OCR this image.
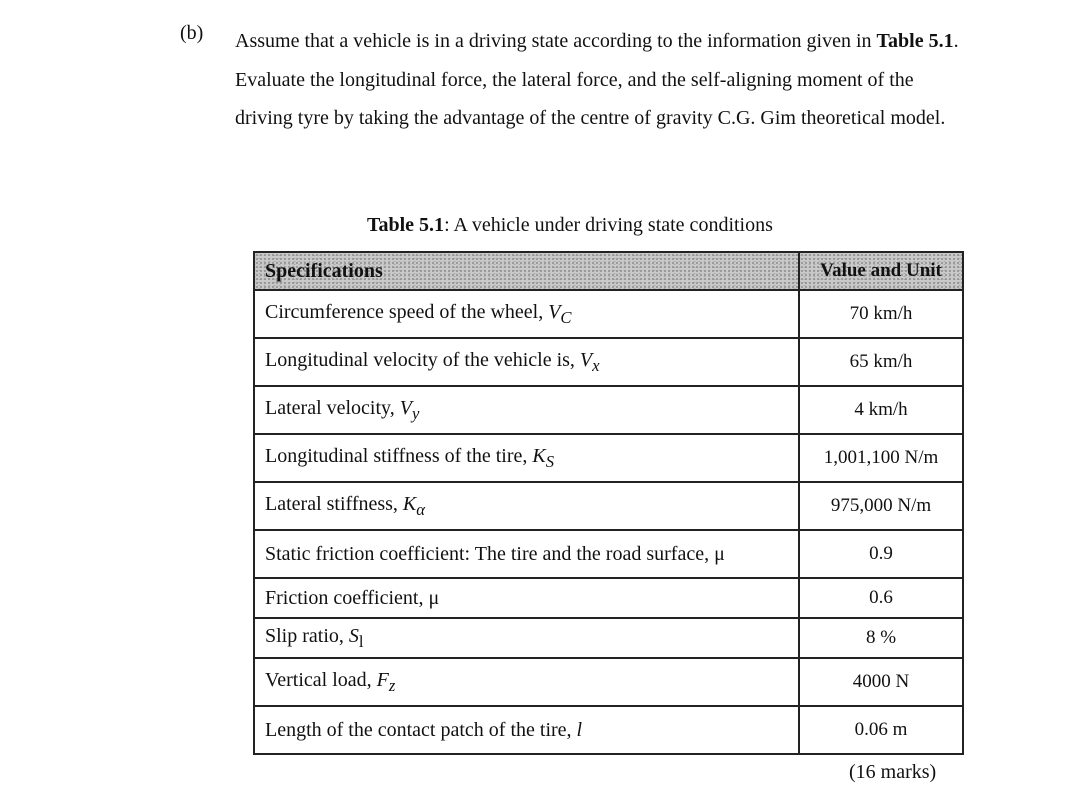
(b) Assume that a vehicle is in a driving state according to the information given in Table 5.1. Evaluate the longitudinal force, the lateral force, and the self-aligning moment of the driving tyre by taking the advantage of the centre of gravity C.G. Gim theoretical model.
Table 5.1: A vehicle under driving state conditions
Specifications	Value and Unit
Circumference speed of the wheel, $V_C$	70 km/h
Longitudinal velocity of the vehicle is, $V_x$	65 km/h
Lateral velocity, $V_y$	4 km/h
Longitudinal stiffness of the tire, $K_S$	1,001,100 N/m
Lateral stiffness, $K_\alpha$	975,000 N/m
Static friction coefficient: The tire and the road surface, μ	0.9
Friction coefficient, μ	0.6
Slip ratio, $S_l$	8 %
Vertical load, $F_z$	4000 N
Length of the contact patch of the tire, l	0.06 m
(16 marks)
